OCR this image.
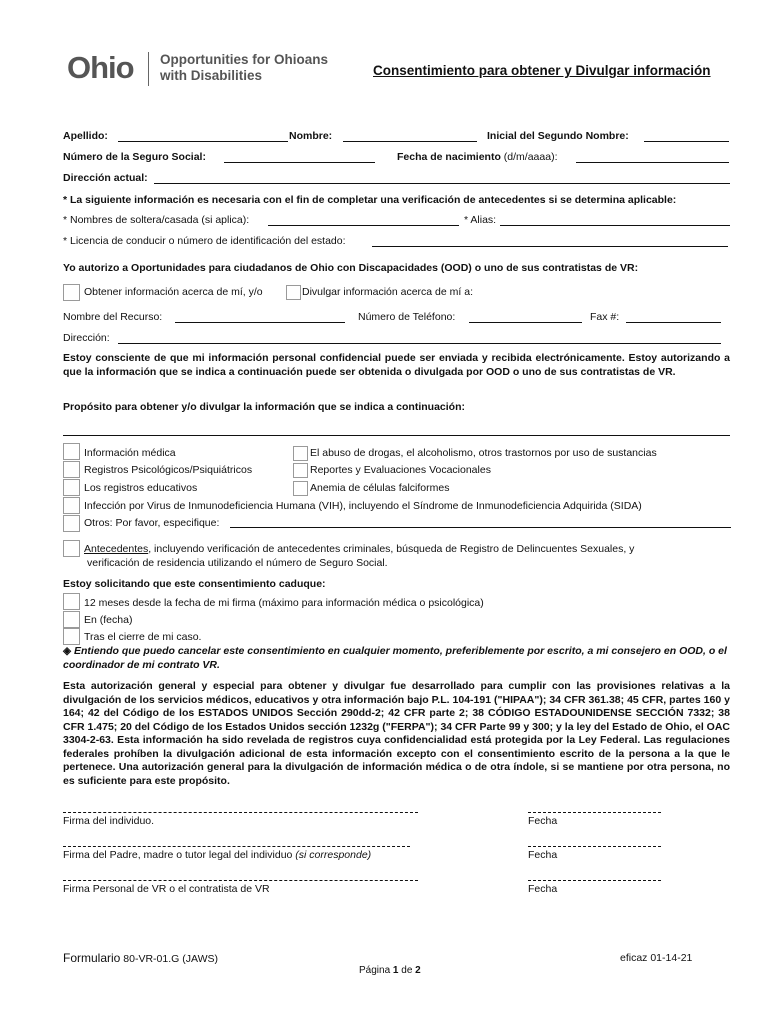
Ohio Opportunities for Ohioans
with Disabilities	Consentimiento para obtener y Divulgar información
Apellido:	Nombre:	Inicial del Segundo Nombre:
Número de la Seguro Social:	Fecha de nacimiento (d/m/aaaa):
Dirección actual:
* La siguiente información es necesaria con el fin de completar una verificación de antecedentes si se determina aplicable:
* Nombres de soltera/casada (si aplica):	* Alias:
* Licencia de conducir o número de identificación del estado:
Yo autorizo a Oportunidades para ciudadanos de Ohio con Discapacidades (OOD) o uno de sus contratistas de VR:
Obtener información acerca de mí, y/o	Divulgar información acerca de mí a:
Nombre del Recurso:	Número de Teléfono:	Fax #:
Dirección:
Estoy consciente de que mi información personal confidencial puede ser enviada y recibida electrónicamente. Estoy autorizando a que la información que se indica a continuación puede ser obtenida o divulgada por OOD o uno de sus contratistas de VR.
Propósito para obtener y/o divulgar la información que se indica a continuación:
Información médica	El abuso de drogas, el alcoholismo, otros trastornos por uso de sustancias
Registros Psicológicos/Psiquiátricos	Reportes y Evaluaciones Vocacionales
Los registros educativos	Anemia de células falciformes
Infección por Virus de Inmunodeficiencia Humana (VIH), incluyendo el Síndrome de Inmunodeficiencia Adquirida (SIDA)
Otros: Por favor, especifique:
Antecedentes, incluyendo verificación de antecedentes criminales, búsqueda de Registro de Delincuentes Sexuales, y
verificación de residencia utilizando el número de Seguro Social.
Estoy solicitando que este consentimiento caduque:
12 meses desde la fecha de mi firma (máximo para información médica o psicológica)
En (fecha)
Tras el cierre de mi caso.
◈ Entiendo que puedo cancelar este consentimiento en cualquier momento, preferiblemente por escrito, a mi consejero en OOD, o el coordinador de mi contrato VR.
Esta autorización general y especial para obtener y divulgar fue desarrollado para cumplir con las provisiones relativas a la divulgación de los servicios médicos, educativos y otra información bajo P.L. 104-191 ("HIPAA"); 34 CFR 361.38; 45 CFR, partes 160 y 164; 42 del Código de los ESTADOS UNIDOS Sección 290dd-2; 42 CFR parte 2; 38 CÓDIGO ESTADOUNIDENSE SECCIÓN 7332; 38 CFR 1.475; 20 del Código de los Estados Unidos sección 1232g ("FERPA"); 34 CFR Parte 99 y 300; y la ley del Estado de Ohio, el OAC 3304-2-63. Esta información ha sido revelada de registros cuya confidencialidad está protegida por la Ley Federal. Las regulaciones federales prohíben la divulgación adicional de esta información excepto con el consentimiento escrito de la persona a la que le pertenece. Una autorización general para la divulgación de información médica o de otra índole, si se mantiene por otra persona, no es suficiente para este propósito.
Firma del individuo.	Fecha
Firma del Padre, madre o tutor legal del individuo (si corresponde)	Fecha
Firma Personal de VR o el contratista de VR	Fecha
Formulario 80-VR-01.G (JAWS)	eficaz 01-14-21
Página 1 de 2
